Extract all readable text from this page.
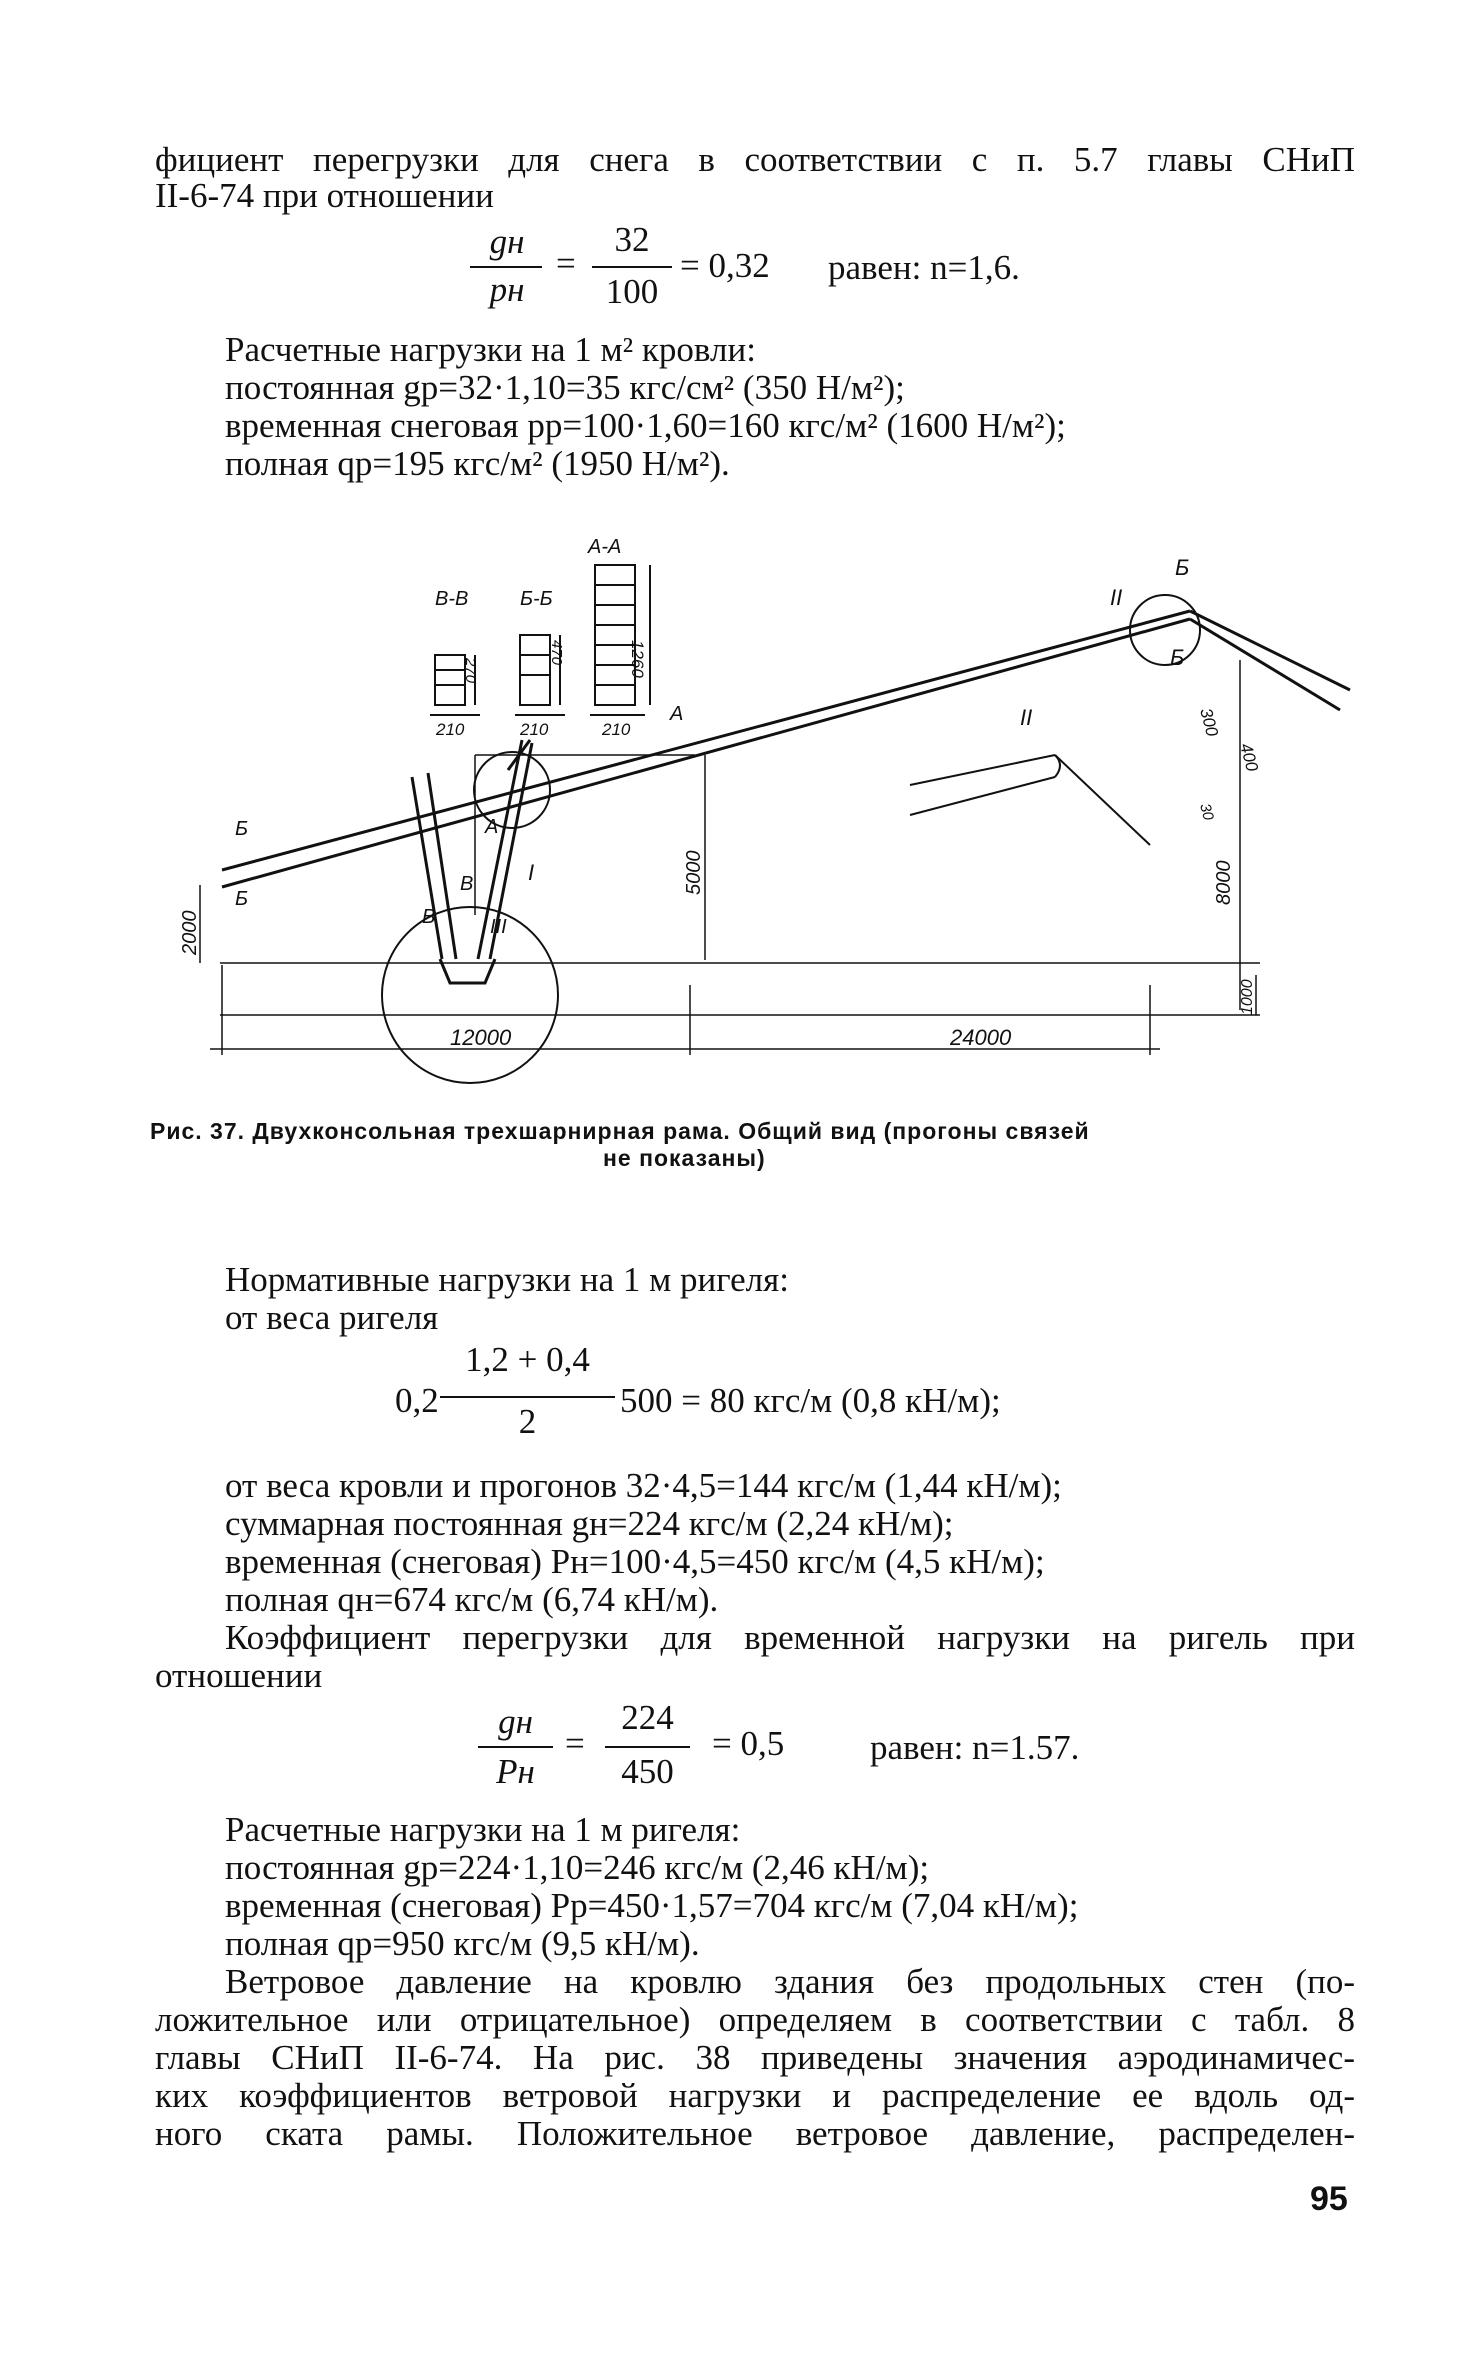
фициент перегрузки для снега в соответствии с п. 5.7 главы СНиП
II-6-74 при отношении
gн
pн
=
32
100
= 0,32 равен: n=1,6.
Расчетные нагрузки на 1 м² кровли:
постоянная gр=32·1,10=35 кгс/см² (350 Н/м²);
временная снеговая pр=100·1,60=160 кгс/м² (1600 Н/м²);
полная qр=195 кгс/м² (1950 Н/м²).
А-А
В-В	Б-Б
1260
470
270
210	210	210
II
Б
Б
II
А
А
Б
Б
В
В
I
III
2000
5000	8000
1000
12000	24000
300
400
30
Рис. 37. Двухконсольная трехшарнирная рама. Общий вид (прогоны связей
не показаны)
Нормативные нагрузки на 1 м ригеля:
от веса ригеля
0,2
1,2 + 0,4
2
500 = 80 кгс/м (0,8 кН/м);
от веса кровли и прогонов 32·4,5=144 кгс/м (1,44 кН/м);
суммарная постоянная gн=224 кгс/м (2,24 кН/м);
временная (снеговая) Pн=100·4,5=450 кгс/м (4,5 кН/м);
полная qн=674 кгс/м (6,74 кН/м).
Коэффициент перегрузки для временной нагрузки на ригель при
отношении
gн
Pн
=
224
450
= 0,5 равен: n=1.57.
Расчетные нагрузки на 1 м ригеля:
постоянная gр=224·1,10=246 кгс/м (2,46 кН/м);
временная (снеговая) Pр=450·1,57=704 кгс/м (7,04 кН/м);
полная qр=950 кгс/м (9,5 кН/м).
Ветровое давление на кровлю здания без продольных стен (по-
ложительное или отрицательное) определяем в соответствии с табл. 8
главы СНиП II-6-74. На рис. 38 приведены значения аэродинамичес-
ких коэффициентов ветровой нагрузки и распределение ее вдоль од-
ного ската рамы. Положительное ветровое давление, распределен-
95
